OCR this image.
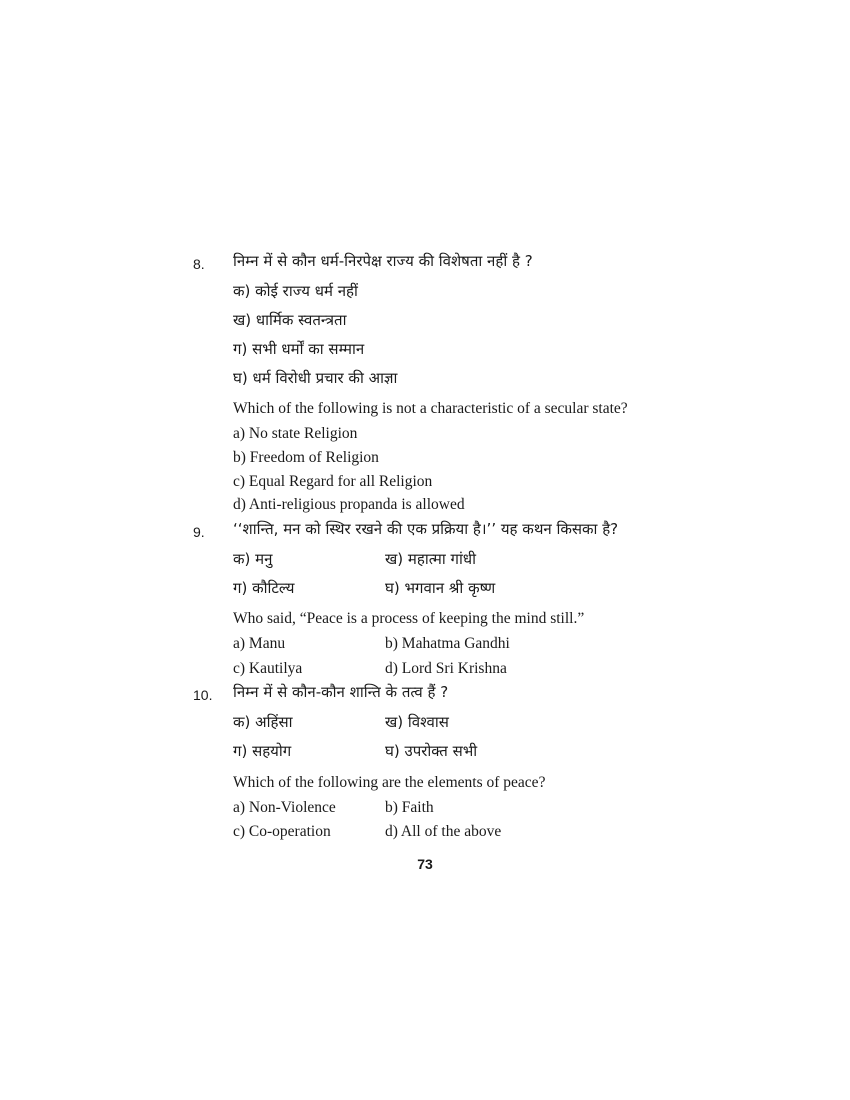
8. निम्न में से कौन धर्म-निरपेक्ष राज्य की विशेषता नहीं है ?
क) कोई राज्य धर्म नहीं
ख) धार्मिक स्वतन्त्रता
ग) सभी धर्मों का सम्मान
घ) धर्म विरोधी प्रचार की आज्ञा
Which of the following is not a characteristic of a secular state?
a) No state Religion
b) Freedom of Religion
c) Equal Regard for all Religion
d) Anti-religious propanda is allowed
9. ‘‘शान्ति, मन को स्थिर रखने की एक प्रक्रिया है।’’ यह कथन किसका है?
क) मनु	ख) महात्मा गांधी
ग) कौटिल्य	घ) भगवान श्री कृष्ण
Who said, “Peace is a process of keeping the mind still.”
a) Manu	b) Mahatma Gandhi
c) Kautilya	d) Lord Sri Krishna
10. निम्न में से कौन-कौन शान्ति के तत्व हैं ?
क) अहिंसा	ख) विश्वास
ग) सहयोग	घ) उपरोक्त सभी
Which of the following are the elements of peace?
a) Non-Violence	b) Faith
c) Co-operation	d) All of the above
73
